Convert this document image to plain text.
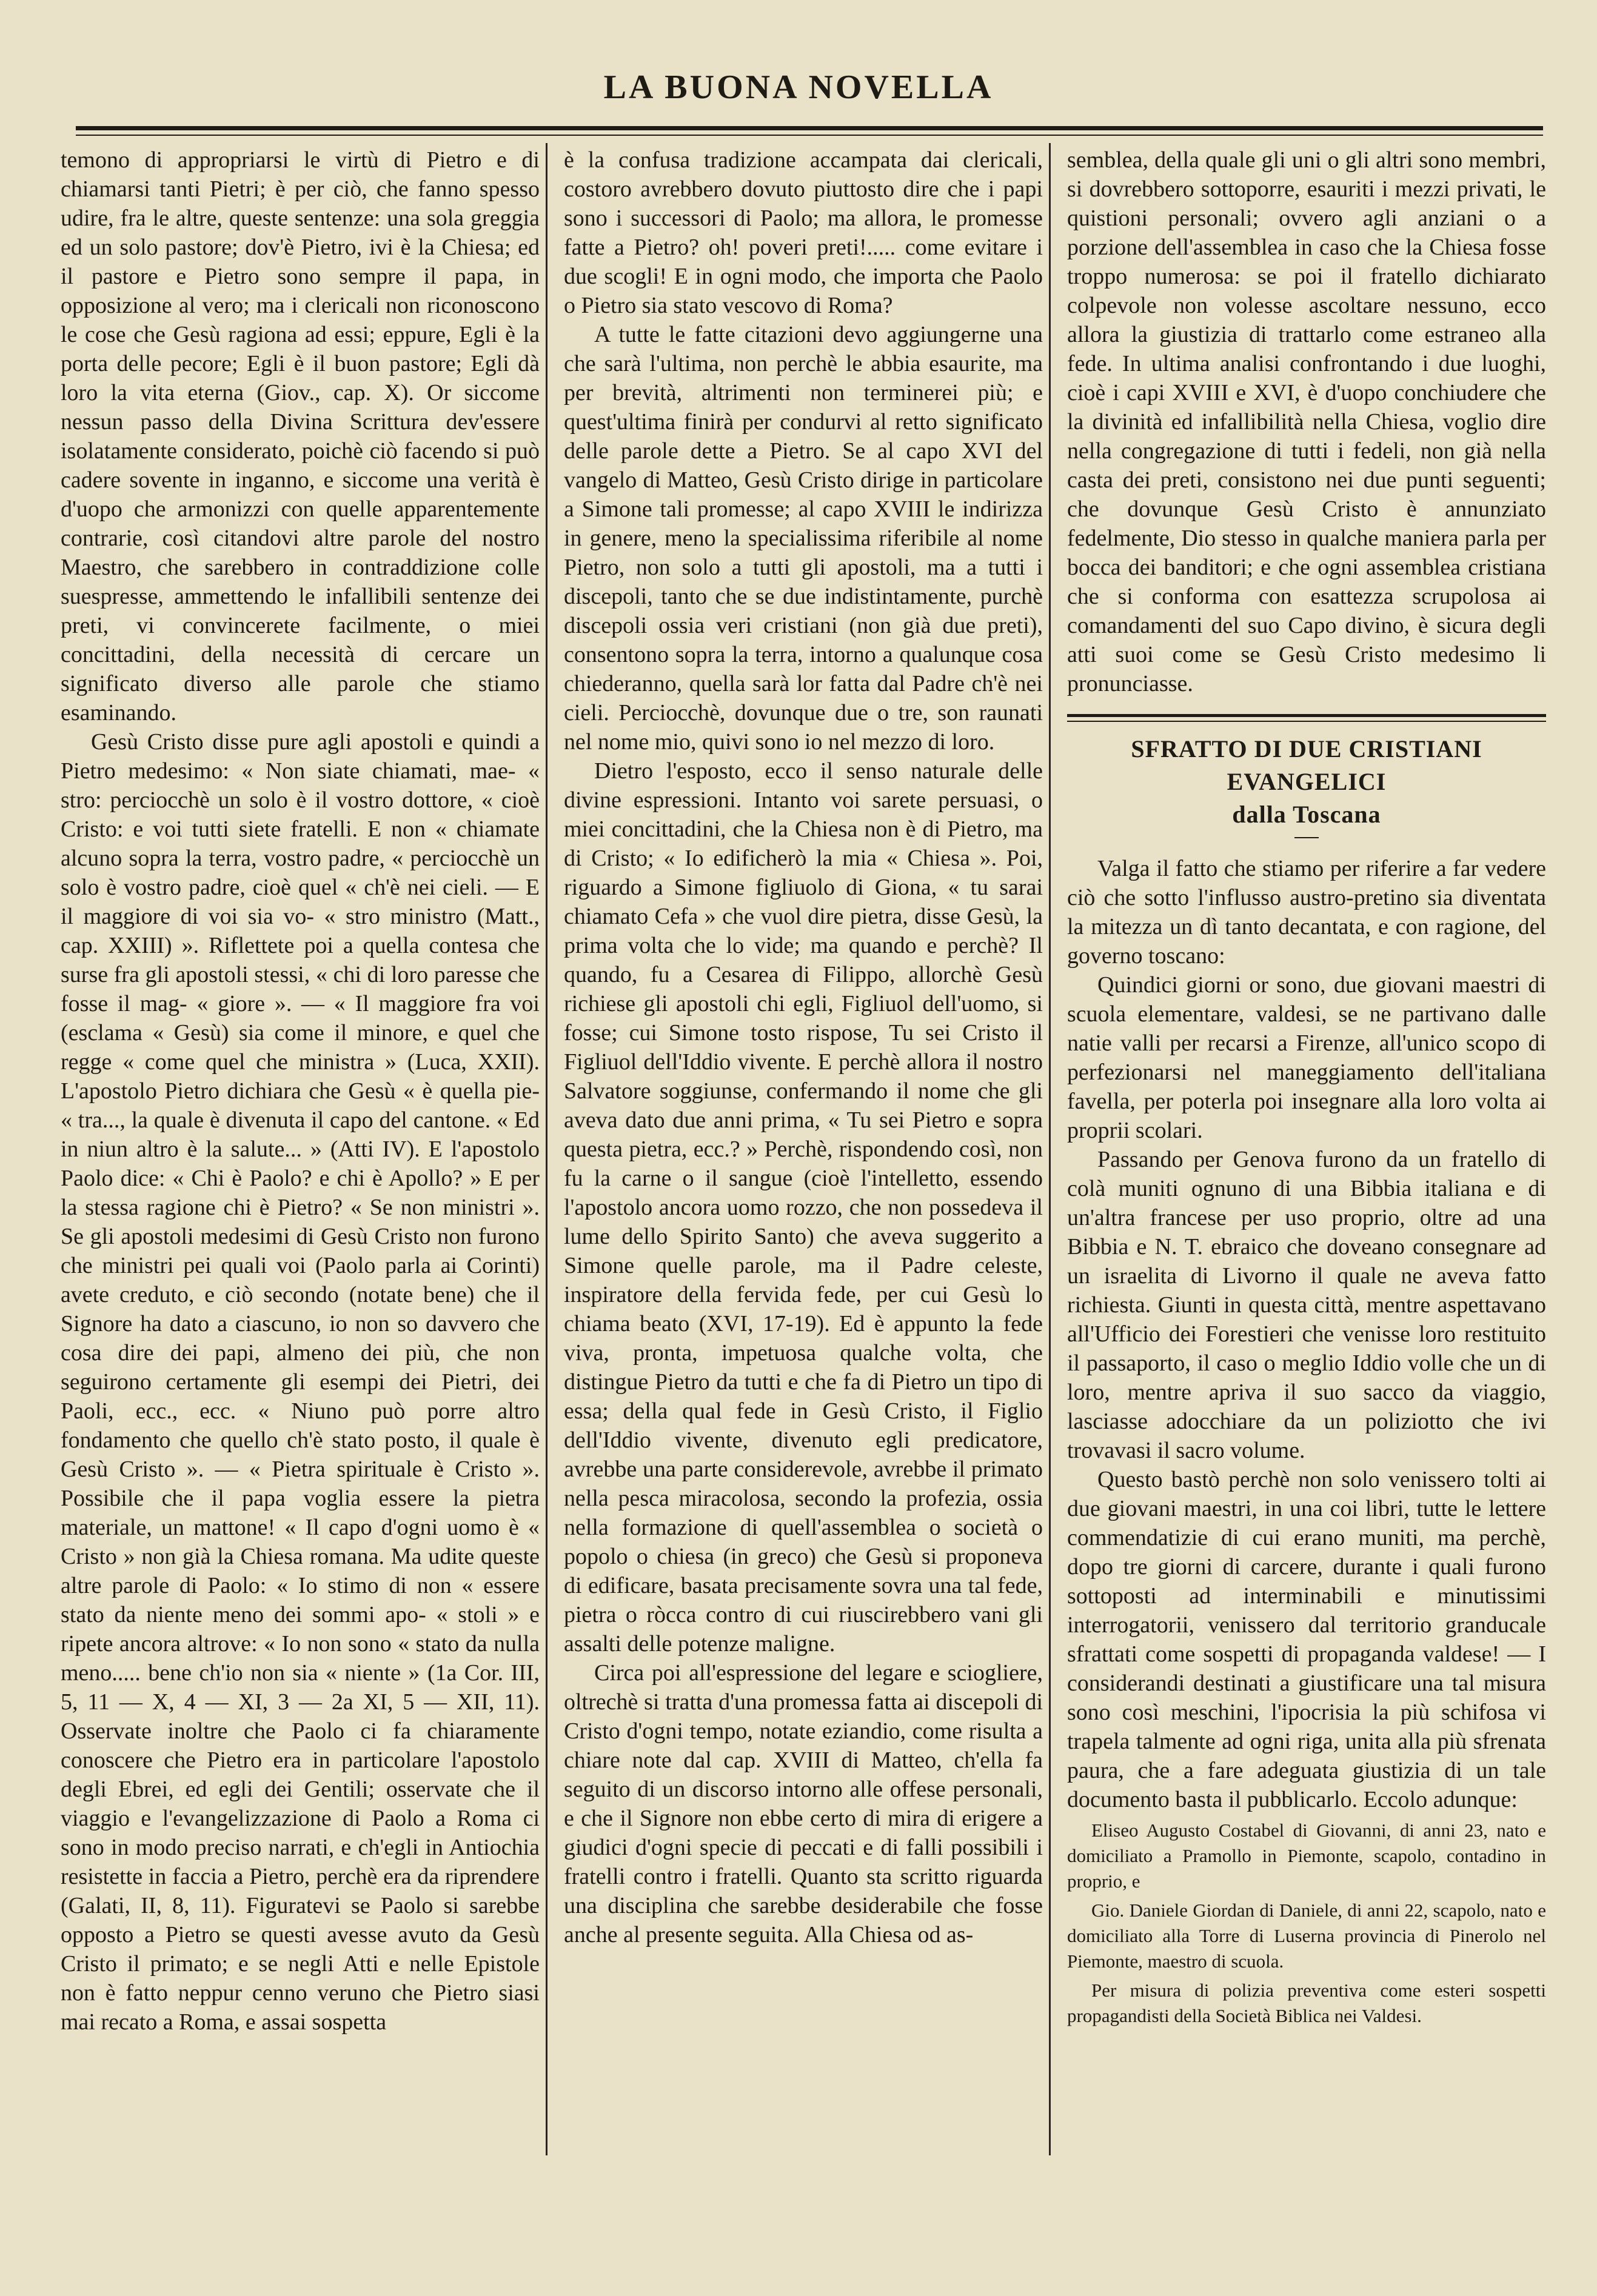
LA BUONA NOVELLA

temono di appropriarsi le virtù di Pietro e di chiamarsi tanti Pietri; è per ciò, che fanno spesso udire, fra le altre, queste sentenze: una sola greggia ed un solo pastore; dov'è Pietro, ivi è la Chiesa; ed il pastore e Pietro sono sempre il papa, in opposizione al vero; ma i clericali non riconoscono le cose che Gesù ragiona ad essi; eppure, Egli è la porta delle pecore; Egli è il buon pastore; Egli dà loro la vita eterna (Giov., cap. X). Or siccome nessun passo della Divina Scrittura dev'essere isolatamente considerato, poichè ciò facendo si può cadere sovente in inganno, e siccome una verità è d'uopo che armonizzi con quelle apparentemente contrarie, così citandovi altre parole del nostro Maestro, che sarebbero in contraddizione colle suespresse, ammettendo le infallibili sentenze dei preti, vi convincerete facilmente, o miei concittadini, della necessità di cercare un significato diverso alle parole che stiamo esaminando.

Gesù Cristo disse pure agli apostoli e quindi a Pietro medesimo: « Non siate chiamati, mae- « stro: perciocchè un solo è il vostro dottore, « cioè Cristo: e voi tutti siete fratelli. E non « chiamate alcuno sopra la terra, vostro padre, « perciocchè un solo è vostro padre, cioè quel « ch'è nei cieli. — E il maggiore di voi sia vo- « stro ministro (Matt., cap. XXIII) ». Riflettete poi a quella contesa che surse fra gli apostoli stessi, « chi di loro paresse che fosse il mag- « giore ». — « Il maggiore fra voi (esclama « Gesù) sia come il minore, e quel che regge « come quel che ministra » (Luca, XXII). L'apostolo Pietro dichiara che Gesù « è quella pie- « tra..., la quale è divenuta il capo del cantone. « Ed in niun altro è la salute... » (Atti IV). E l'apostolo Paolo dice: « Chi è Paolo? e chi è Apollo? » E per la stessa ragione chi è Pietro? « Se non ministri ». Se gli apostoli medesimi di Gesù Cristo non furono che ministri pei quali voi (Paolo parla ai Corinti) avete creduto, e ciò secondo (notate bene) che il Signore ha dato a ciascuno, io non so davvero che cosa dire dei papi, almeno dei più, che non seguirono certamente gli esempi dei Pietri, dei Paoli, ecc., ecc. « Niuno può porre altro fondamento che quello ch'è stato posto, il quale è Gesù Cristo ». — « Pietra spirituale è Cristo ». Possibile che il papa voglia essere la pietra materiale, un mattone! « Il capo d'ogni uomo è « Cristo » non già la Chiesa romana. Ma udite queste altre parole di Paolo: « Io stimo di non « essere stato da niente meno dei sommi apo- « stoli » e ripete ancora altrove: « Io non sono « stato da nulla meno..... bene ch'io non sia « niente » (1a Cor. III, 5, 11 — X, 4 — XI, 3 — 2a XI, 5 — XII, 11). Osservate inoltre che Paolo ci fa chiaramente conoscere che Pietro era in particolare l'apostolo degli Ebrei, ed egli dei Gentili; osservate che il viaggio e l'evangelizzazione di Paolo a Roma ci sono in modo preciso narrati, e ch'egli in Antiochia resistette in faccia a Pietro, perchè era da riprendere (Galati, II, 8, 11). Figuratevi se Paolo si sarebbe opposto a Pietro se questi avesse avuto da Gesù Cristo il primato; e se negli Atti e nelle Epistole non è fatto neppur cenno veruno che Pietro siasi mai recato a Roma, e assai sospetta

è la confusa tradizione accampata dai clericali, costoro avrebbero dovuto piuttosto dire che i papi sono i successori di Paolo; ma allora, le promesse fatte a Pietro? oh! poveri preti!..... come evitare i due scogli! E in ogni modo, che importa che Paolo o Pietro sia stato vescovo di Roma?

A tutte le fatte citazioni devo aggiungerne una che sarà l'ultima, non perchè le abbia esaurite, ma per brevità, altrimenti non terminerei più; e quest'ultima finirà per condurvi al retto significato delle parole dette a Pietro. Se al capo XVI del vangelo di Matteo, Gesù Cristo dirige in particolare a Simone tali promesse; al capo XVIII le indirizza in genere, meno la specialissima riferibile al nome Pietro, non solo a tutti gli apostoli, ma a tutti i discepoli, tanto che se due indistintamente, purchè discepoli ossia veri cristiani (non già due preti), consentono sopra la terra, intorno a qualunque cosa chiederanno, quella sarà lor fatta dal Padre ch'è nei cieli. Perciocchè, dovunque due o tre, son raunati nel nome mio, quivi sono io nel mezzo di loro.

Dietro l'esposto, ecco il senso naturale delle divine espressioni. Intanto voi sarete persuasi, o miei concittadini, che la Chiesa non è di Pietro, ma di Cristo; « Io edificherò la mia « Chiesa ». Poi, riguardo a Simone figliuolo di Giona, « tu sarai chiamato Cefa » che vuol dire pietra, disse Gesù, la prima volta che lo vide; ma quando e perchè? Il quando, fu a Cesarea di Filippo, allorchè Gesù richiese gli apostoli chi egli, Figliuol dell'uomo, si fosse; cui Simone tosto rispose, Tu sei Cristo il Figliuol dell'Iddio vivente. E perchè allora il nostro Salvatore soggiunse, confermando il nome che gli aveva dato due anni prima, « Tu sei Pietro e sopra questa pietra, ecc.? » Perchè, rispondendo così, non fu la carne o il sangue (cioè l'intelletto, essendo l'apostolo ancora uomo rozzo, che non possedeva il lume dello Spirito Santo) che aveva suggerito a Simone quelle parole, ma il Padre celeste, inspiratore della fervida fede, per cui Gesù lo chiama beato (XVI, 17-19). Ed è appunto la fede viva, pronta, impetuosa qualche volta, che distingue Pietro da tutti e che fa di Pietro un tipo di essa; della qual fede in Gesù Cristo, il Figlio dell'Iddio vivente, divenuto egli predicatore, avrebbe una parte considerevole, avrebbe il primato nella pesca miracolosa, secondo la profezia, ossia nella formazione di quell'assemblea o società o popolo o chiesa (in greco) che Gesù si proponeva di edificare, basata precisamente sovra una tal fede, pietra o ròcca contro di cui riuscirebbero vani gli assalti delle potenze maligne.

Circa poi all'espressione del legare e sciogliere, oltrechè si tratta d'una promessa fatta ai discepoli di Cristo d'ogni tempo, notate eziandio, come risulta a chiare note dal cap. XVIII di Matteo, ch'ella fa seguito di un discorso intorno alle offese personali, e che il Signore non ebbe certo di mira di erigere a giudici d'ogni specie di peccati e di falli possibili i fratelli contro i fratelli. Quanto sta scritto riguarda una disciplina che sarebbe desiderabile che fosse anche al presente seguita. Alla Chiesa od as-

semblea, della quale gli uni o gli altri sono membri, si dovrebbero sottoporre, esauriti i mezzi privati, le quistioni personali; ovvero agli anziani o a porzione dell'assemblea in caso che la Chiesa fosse troppo numerosa: se poi il fratello dichiarato colpevole non volesse ascoltare nessuno, ecco allora la giustizia di trattarlo come estraneo alla fede. In ultima analisi confrontando i due luoghi, cioè i capi XVIII e XVI, è d'uopo conchiudere che la divinità ed infallibilità nella Chiesa, voglio dire nella congregazione di tutti i fedeli, non già nella casta dei preti, consistono nei due punti seguenti; che dovunque Gesù Cristo è annunziato fedelmente, Dio stesso in qualche maniera parla per bocca dei banditori; e che ogni assemblea cristiana che si conforma con esattezza scrupolosa ai comandamenti del suo Capo divino, è sicura degli atti suoi come se Gesù Cristo medesimo li pronunciasse.

SFRATTO DI DUE CRISTIANI EVANGELICI
dalla Toscana

Valga il fatto che stiamo per riferire a far vedere ciò che sotto l'influsso austro-pretino sia diventata la mitezza un dì tanto decantata, e con ragione, del governo toscano:

Quindici giorni or sono, due giovani maestri di scuola elementare, valdesi, se ne partivano dalle natie valli per recarsi a Firenze, all'unico scopo di perfezionarsi nel maneggiamento dell'italiana favella, per poterla poi insegnare alla loro volta ai proprii scolari.

Passando per Genova furono da un fratello di colà muniti ognuno di una Bibbia italiana e di un'altra francese per uso proprio, oltre ad una Bibbia e N. T. ebraico che doveano consegnare ad un israelita di Livorno il quale ne aveva fatto richiesta. Giunti in questa città, mentre aspettavano all'Ufficio dei Forestieri che venisse loro restituito il passaporto, il caso o meglio Iddio volle che un di loro, mentre apriva il suo sacco da viaggio, lasciasse adocchiare da un poliziotto che ivi trovavasi il sacro volume.

Questo bastò perchè non solo venissero tolti ai due giovani maestri, in una coi libri, tutte le lettere commendatizie di cui erano muniti, ma perchè, dopo tre giorni di carcere, durante i quali furono sottoposti ad interminabili e minutissimi interrogatorii, venissero dal territorio granducale sfrattati come sospetti di propaganda valdese! — I considerandi destinati a giustificare una tal misura sono così meschini, l'ipocrisia la più schifosa vi trapela talmente ad ogni riga, unita alla più sfrenata paura, che a fare adeguata giustizia di un tale documento basta il pubblicarlo. Eccolo adunque:

Eliseo Augusto Costabel di Giovanni, di anni 23, nato e domiciliato a Pramollo in Piemonte, scapolo, contadino in proprio, e

Gio. Daniele Giordan di Daniele, di anni 22, scapolo, nato e domiciliato alla Torre di Luserna provincia di Pinerolo nel Piemonte, maestro di scuola.

Per misura di polizia preventiva come esteri sospetti propagandisti della Società Biblica nei Valdesi.
